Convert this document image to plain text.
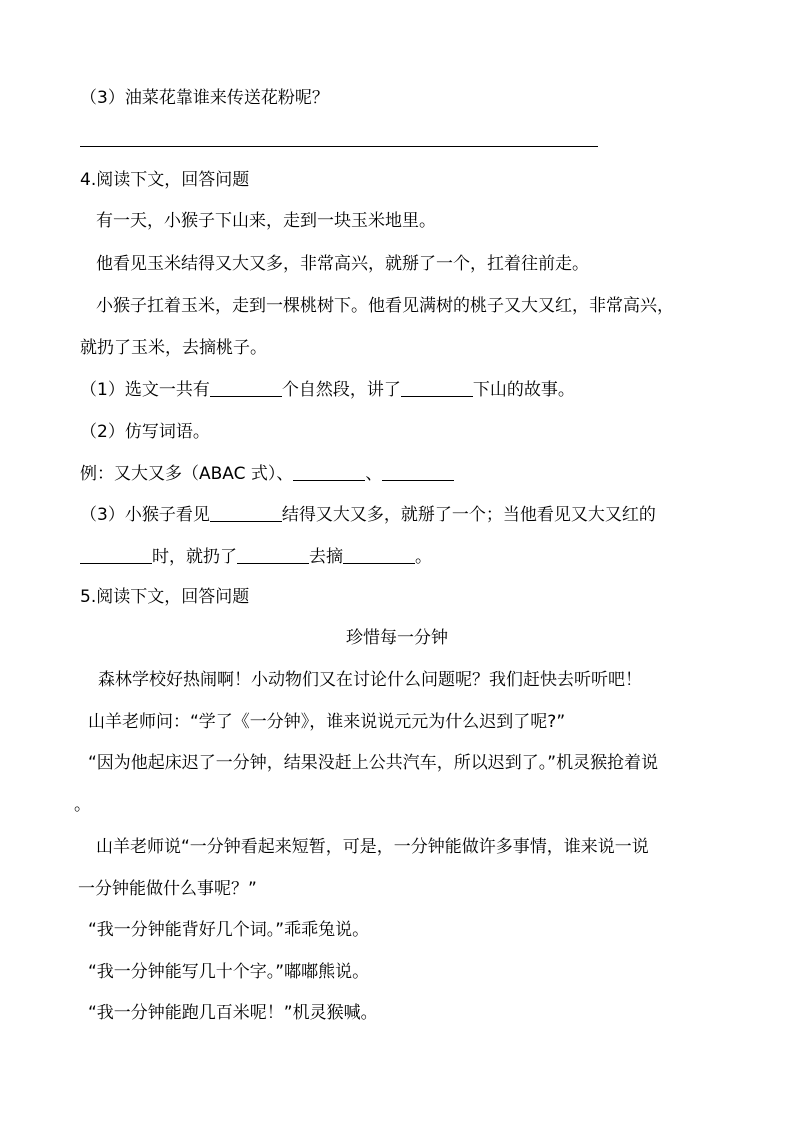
（3）油菜花靠谁来传送花粉呢？
4.阅读下文，回答问题
有一天，小猴子下山来，走到一块玉米地里。
他看见玉米结得又大又多，非常高兴，就掰了一个，扛着往前走。
小猴子扛着玉米，走到一棵桃树下。他看见满树的桃子又大又红，非常高兴，
就扔了玉米，去摘桃子。
（1）选文一共有	个自然段，讲了	下山的故事。
（2）仿写词语。
例：又大又多（ABAC 式）、	、
（3）小猴子看见	结得又大又多，就掰了一个；当他看见又大又红的
时，就扔了	去摘	。
5.阅读下文，回答问题
珍惜每一分钟
森林学校好热闹啊！小动物们又在讨论什么问题呢？我们赶快去听听吧！
山羊老师问：“学了《一分钟》，谁来说说元元为什么迟到了呢?”
“因为他起床迟了一分钟，结果没赶上公共汽车，所以迟到了。”机灵猴抢着说
。
山羊老师说“一分钟看起来短暂，可是，一分钟能做许多事情，谁来说一说
一分钟能做什么事呢？”
“我一分钟能背好几个词。”乖乖兔说。
“我一分钟能写几十个字。”嘟嘟熊说。
“我一分钟能跑几百米呢！”机灵猴喊。
